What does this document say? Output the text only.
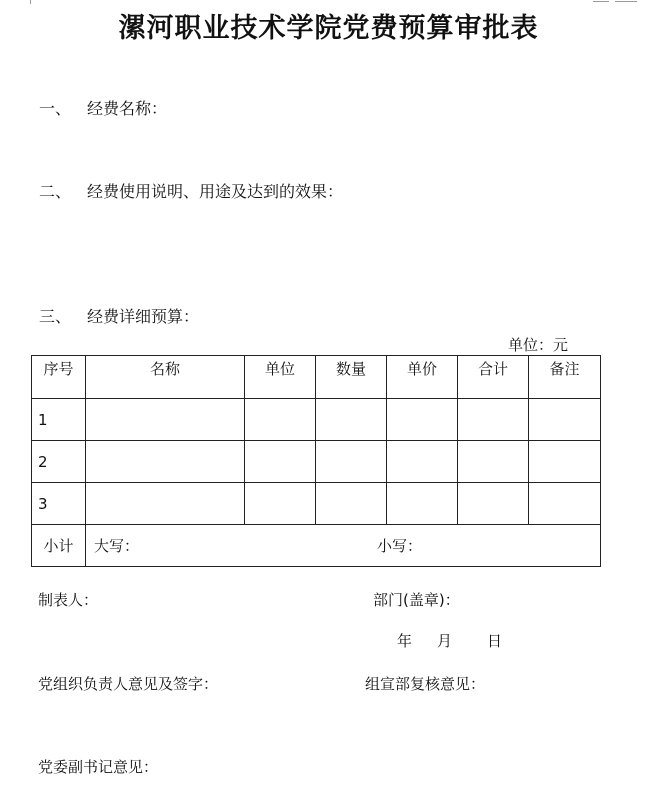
漯河职业技术学院党费预算审批表
一、 经费名称：
二、 经费使用说明、用途及达到的效果：
三、 经费详细预算：
单位：元
序号	名称	单位	数量	单价	合计	备注
1						
2						
3						
小计	大写： 小写：					
制表人：	部门(盖章)：
年 月 日
党组织负责人意见及签字：	组宣部复核意见：
党委副书记意见：
